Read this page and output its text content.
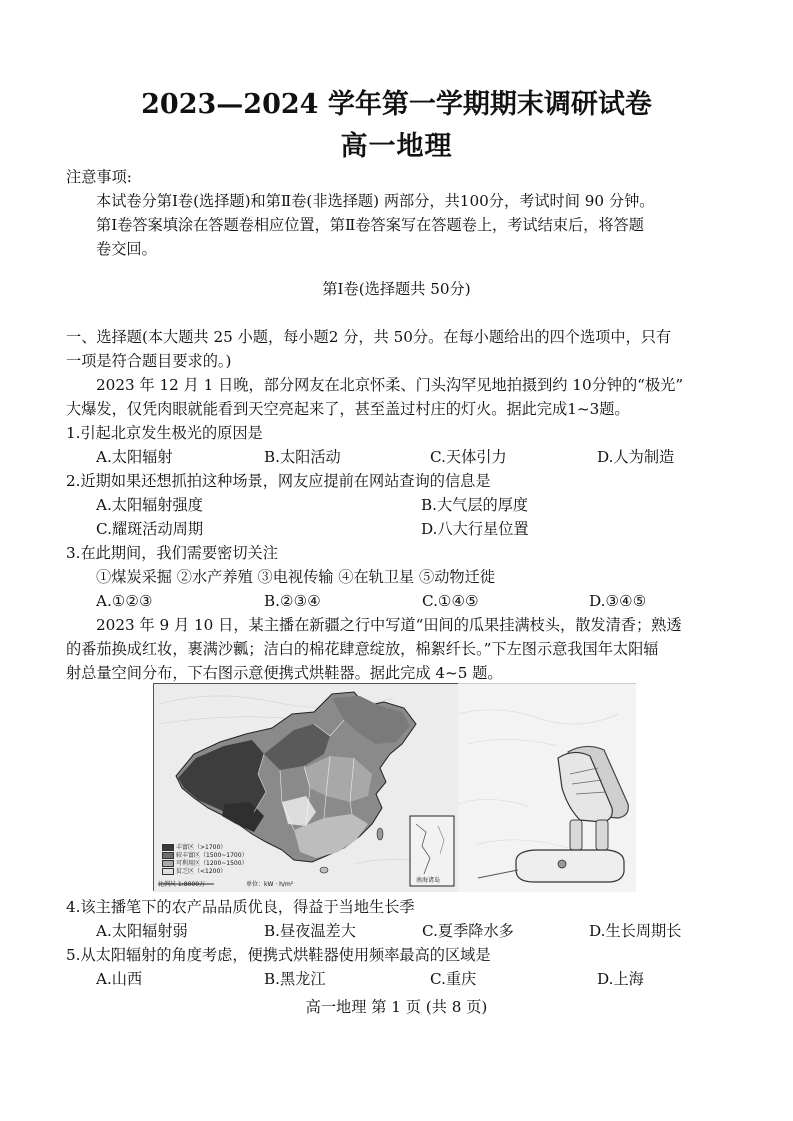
2023—2024 学年第一学期期末调研试卷
高一地理
注意事项:
本试卷分第Ⅰ卷(选择题)和第Ⅱ卷(非选择题) 两部分，共100分，考试时间 90 分钟。
第Ⅰ卷答案填涂在答题卷相应位置，第Ⅱ卷答案写在答题卷上，考试结束后，将答题
卷交回。
第Ⅰ卷(选择题共 50分)
一、选择题(本大题共 25 小题，每小题2 分，共 50分。在每小题给出的四个选项中，只有
一项是符合题目要求的。)
2023 年 12 月 1 日晚，部分网友在北京怀柔、门头沟罕见地拍摄到约 10分钟的“极光”
大爆发，仅凭肉眼就能看到天空亮起来了，甚至盖过村庄的灯火。据此完成1~3题。
1.引起北京发生极光的原因是
A.太阳辐射	B.太阳活动	C.天体引力	D.人为制造
2.近期如果还想抓拍这种场景，网友应提前在网站查询的信息是
A.太阳辐射强度	B.大气层的厚度
C.耀斑活动周期	D.八大行星位置
3.在此期间，我们需要密切关注
①煤炭采掘 ②水产养殖 ③电视传输 ④在轨卫星 ⑤动物迁徙
A.①②③	B.②③④	C.①④⑤	D.③④⑤
2023 年 9 月 10 日，某主播在新疆之行中写道“田间的瓜果挂满枝头，散发清香；熟透
的番茄换成红妆，裹满沙瓤；洁白的棉花肆意绽放，棉絮纤长。”下左图示意我国年太阳辐
射总量空间分布，下右图示意便携式烘鞋器。据此完成 4~5 题。
丰富区（>1700）
较丰富区（1500~1700）
可利用区（1200~1500）
贫乏区（<1200）
比例尺 1:8000万	单位：kW · h/m²
南海诸岛
4.该主播笔下的农产品品质优良，得益于当地生长季
A.太阳辐射弱	B.昼夜温差大	C.夏季降水多	D.生长周期长
5.从太阳辐射的角度考虑，便携式烘鞋器使用频率最高的区域是
A.山西	B.黑龙江	C.重庆	D.上海
高一地理 第 1 页 (共 8 页)
